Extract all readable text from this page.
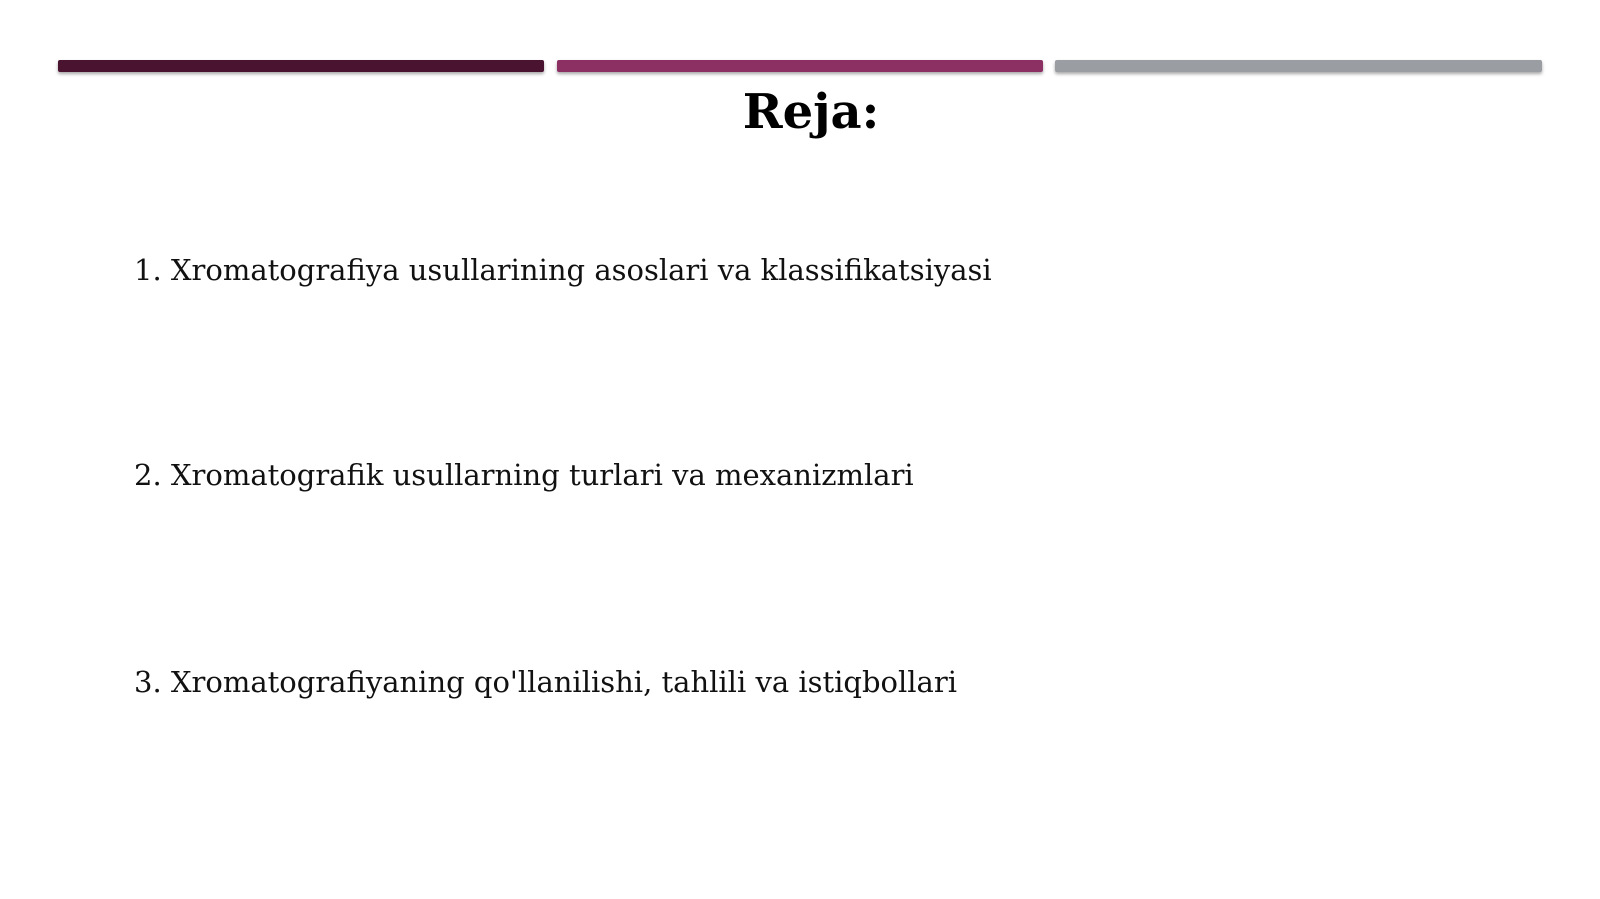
Reja:
1. Xromatografiya usullarining asoslari va klassifikatsiyasi
2. Xromatografik usullarning turlari va mexanizmlari
3. Xromatografiyaning qo'llanilishi, tahlili va istiqbollari
